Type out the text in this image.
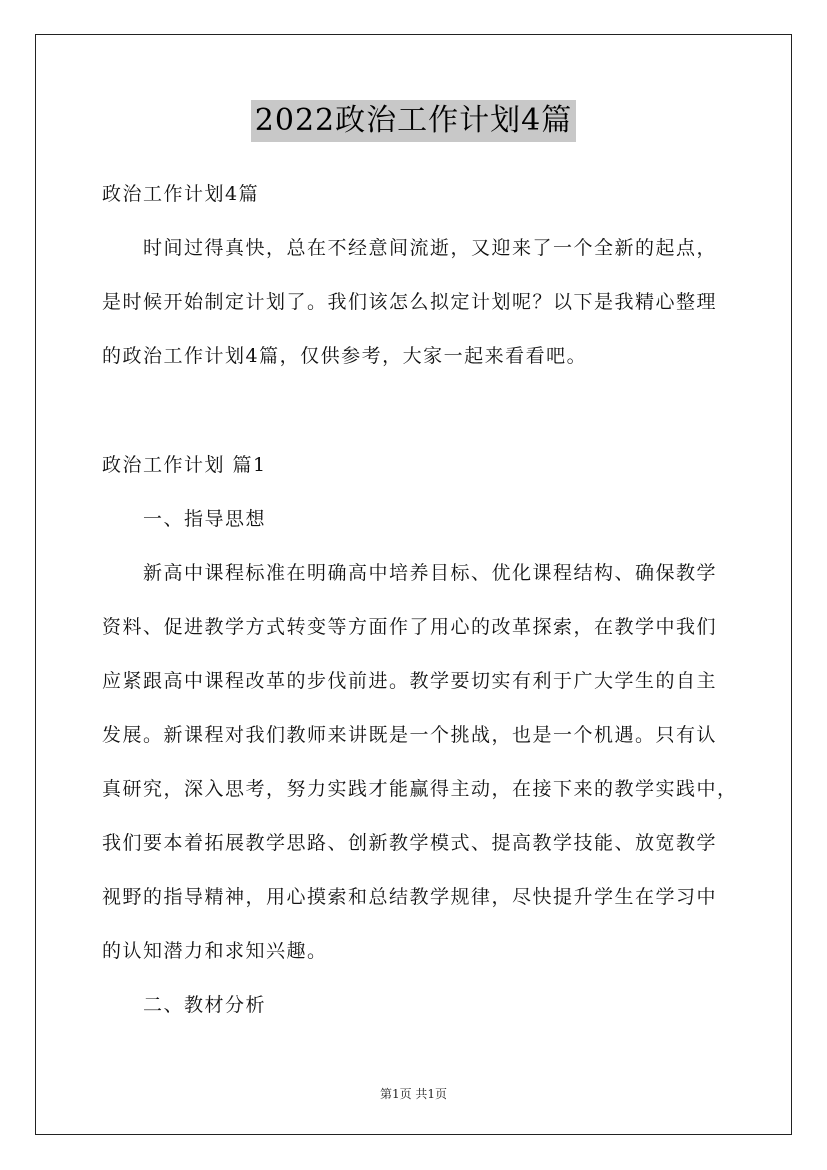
2022政治工作计划4篇
政治工作计划4篇
时间过得真快，总在不经意间流逝，又迎来了一个全新的起点，
是时候开始制定计划了。我们该怎么拟定计划呢？以下是我精心整理
的政治工作计划4篇，仅供参考，大家一起来看看吧。
政治工作计划 篇1
一、指导思想
新高中课程标准在明确高中培养目标、优化课程结构、确保教学
资料、促进教学方式转变等方面作了用心的改革探索，在教学中我们
应紧跟高中课程改革的步伐前进。教学要切实有利于广大学生的自主
发展。新课程对我们教师来讲既是一个挑战，也是一个机遇。只有认
真研究，深入思考，努力实践才能赢得主动，在接下来的教学实践中，
我们要本着拓展教学思路、创新教学模式、提高教学技能、放宽教学
视野的指导精神，用心摸索和总结教学规律，尽快提升学生在学习中
的认知潜力和求知兴趣。
二、教材分析
第1页 共1页
